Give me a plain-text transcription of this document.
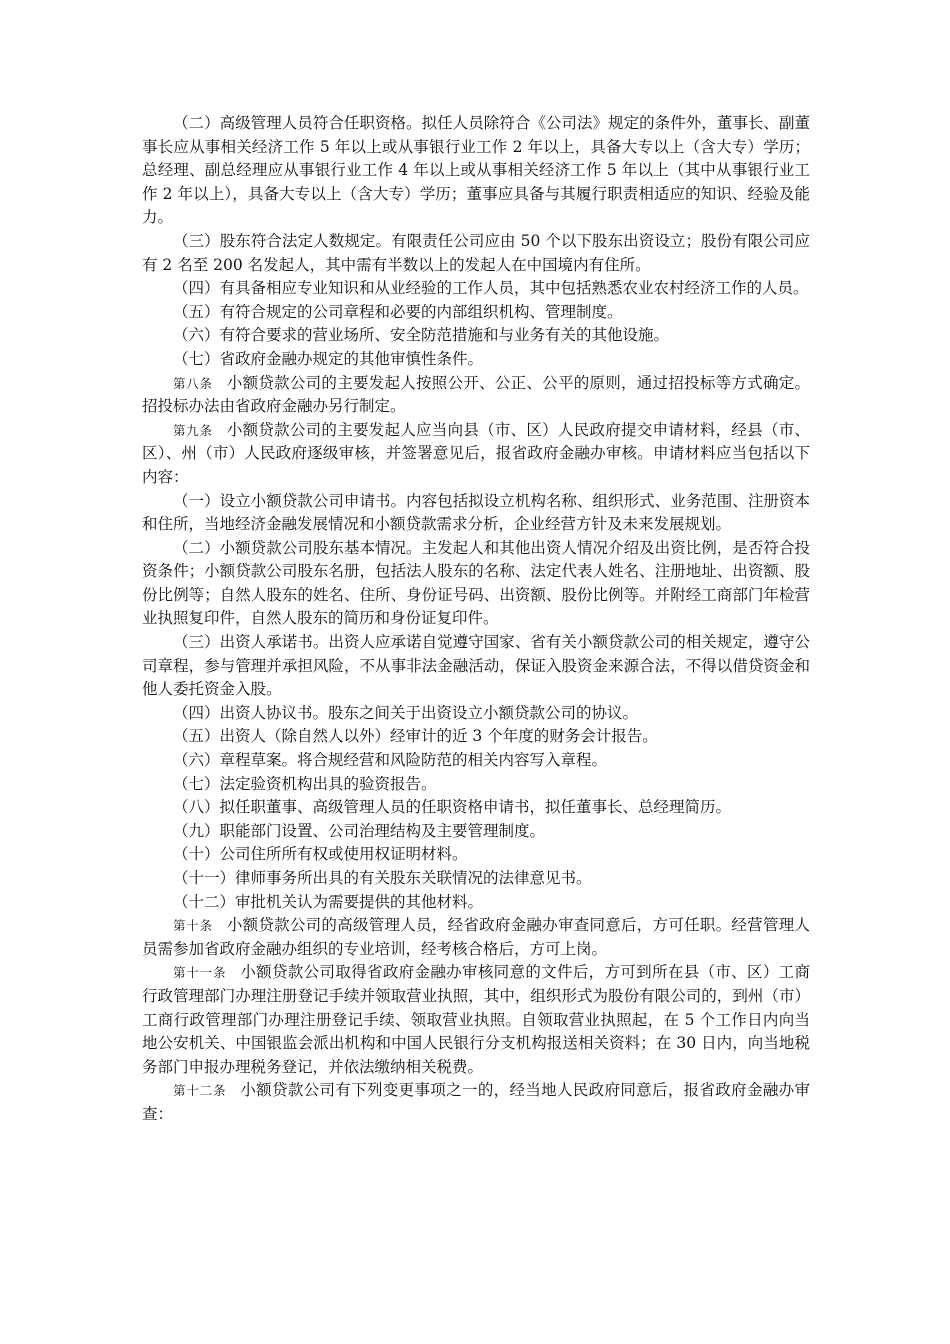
（二）高级管理人员符合任职资格。拟任人员除符合《公司法》规定的条件外，董事长、副董事长应从事相关经济工作 5 年以上或从事银行业工作 2 年以上，具备大专以上（含大专）学历；总经理、副总经理应从事银行业工作 4 年以上或从事相关经济工作 5 年以上（其中从事银行业工作 2 年以上），具备大专以上（含大专）学历；董事应具备与其履行职责相适应的知识、经验及能力。

（三）股东符合法定人数规定。有限责任公司应由 50 个以下股东出资设立；股份有限公司应有 2 名至 200 名发起人，其中需有半数以上的发起人在中国境内有住所。

（四）有具备相应专业知识和从业经验的工作人员，其中包括熟悉农业农村经济工作的人员。

（五）有符合规定的公司章程和必要的内部组织机构、管理制度。

（六）有符合要求的营业场所、安全防范措施和与业务有关的其他设施。

（七）省政府金融办规定的其他审慎性条件。

第八条 小额贷款公司的主要发起人按照公开、公正、公平的原则，通过招投标等方式确定。招投标办法由省政府金融办另行制定。

第九条 小额贷款公司的主要发起人应当向县（市、区）人民政府提交申请材料，经县（市、区）、州（市）人民政府逐级审核，并签署意见后，报省政府金融办审核。申请材料应当包括以下内容：

（一）设立小额贷款公司申请书。内容包括拟设立机构名称、组织形式、业务范围、注册资本和住所，当地经济金融发展情况和小额贷款需求分析，企业经营方针及未来发展规划。

（二）小额贷款公司股东基本情况。主发起人和其他出资人情况介绍及出资比例，是否符合投资条件；小额贷款公司股东名册，包括法人股东的名称、法定代表人姓名、注册地址、出资额、股份比例等；自然人股东的姓名、住所、身份证号码、出资额、股份比例等。并附经工商部门年检营业执照复印件，自然人股东的简历和身份证复印件。

（三）出资人承诺书。出资人应承诺自觉遵守国家、省有关小额贷款公司的相关规定，遵守公司章程，参与管理并承担风险，不从事非法金融活动，保证入股资金来源合法，不得以借贷资金和他人委托资金入股。

（四）出资人协议书。股东之间关于出资设立小额贷款公司的协议。

（五）出资人（除自然人以外）经审计的近 3 个年度的财务会计报告。

（六）章程草案。将合规经营和风险防范的相关内容写入章程。

（七）法定验资机构出具的验资报告。

（八）拟任职董事、高级管理人员的任职资格申请书，拟任董事长、总经理简历。

（九）职能部门设置、公司治理结构及主要管理制度。

（十）公司住所所有权或使用权证明材料。

（十一）律师事务所出具的有关股东关联情况的法律意见书。

（十二）审批机关认为需要提供的其他材料。

第十条 小额贷款公司的高级管理人员，经省政府金融办审查同意后，方可任职。经营管理人员需参加省政府金融办组织的专业培训，经考核合格后，方可上岗。

第十一条 小额贷款公司取得省政府金融办审核同意的文件后，方可到所在县（市、区）工商行政管理部门办理注册登记手续并领取营业执照，其中，组织形式为股份有限公司的，到州（市）工商行政管理部门办理注册登记手续、领取营业执照。自领取营业执照起，在 5 个工作日内向当地公安机关、中国银监会派出机构和中国人民银行分支机构报送相关资料；在 30 日内，向当地税务部门申报办理税务登记，并依法缴纳相关税费。

第十二条 小额贷款公司有下列变更事项之一的，经当地人民政府同意后，报省政府金融办审查：
